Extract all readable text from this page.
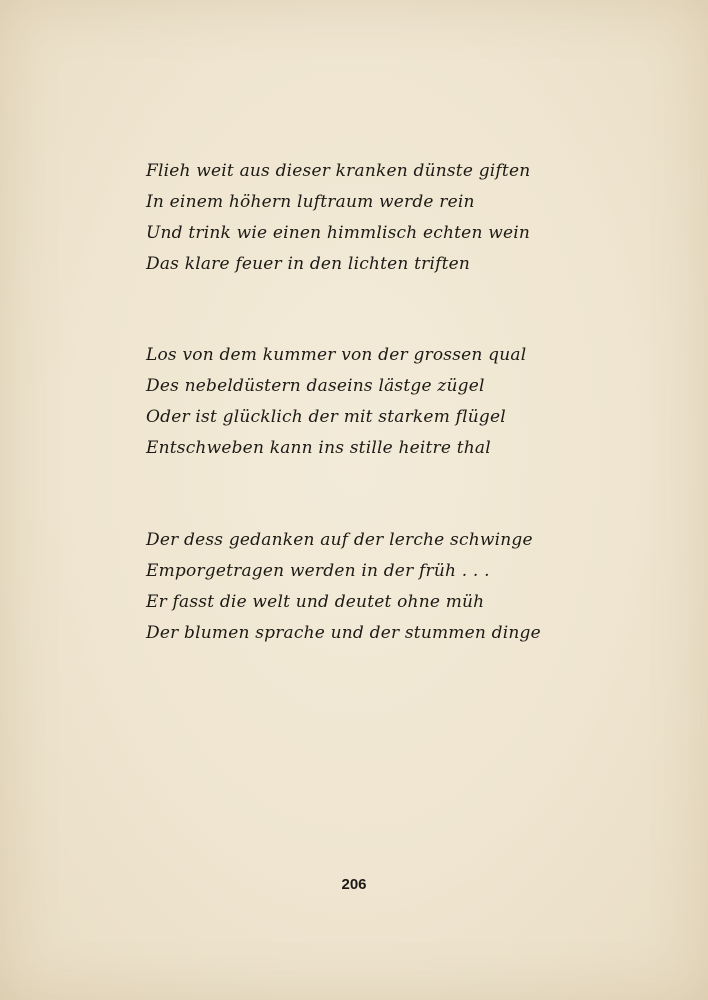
Flieh weit aus dieser kranken dünste giften
In einem höhern luftraum werde rein
Und trink wie einen himmlisch echten wein
Das klare feuer in den lichten triften
Los von dem kummer von der grossen qual
Des nebeldüstern daseins lästge zügel
Oder ist glücklich der mit starkem flügel
Entschweben kann ins stille heitre thal
Der dess gedanken auf der lerche schwinge
Emporgetragen werden in der früh . . .
Er fasst die welt und deutet ohne müh
Der blumen sprache und der stummen dinge
206
